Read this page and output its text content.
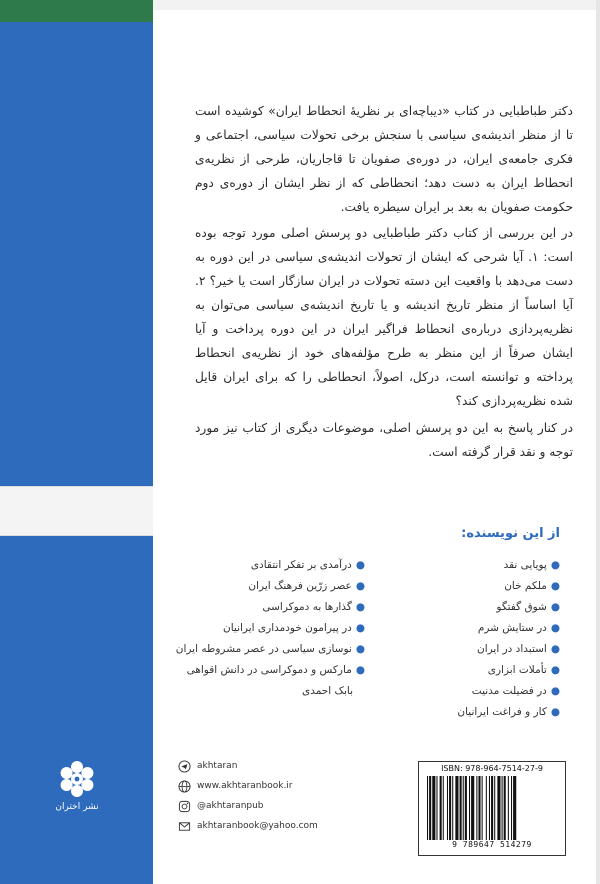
دکتر طباطبایی در کتاب «دیباچه‌ای بر نظریهٔ انحطاط ایران» کوشیده است تا از منظر اندیشه‌ی سیاسی با سنجش برخی تحولات سیاسی، اجتماعی و فکری جامعه‌ی ایران، در دوره‌ی صفویان تا قاجاریان، طرحی از نظریه‌ی انحطاط ایران به دست دهد؛ انحطاطی که از نظر ایشان از دوره‌ی دوم حکومت صفویان به بعد بر ایران سیطره یافت.

در این بررسی از کتاب دکتر طباطبایی دو پرسش اصلی مورد توجه بوده است: ۱. آیا شرحی که ایشان از تحولات اندیشه‌ی سیاسی در این دوره به دست می‌دهد با واقعیت این دسته تحولات در ایران سازگار است یا خیر؟ ۲. آیا اساساً از منظر تاریخ اندیشه و یا تاریخ اندیشه‌ی سیاسی می‌توان به نظریه‌پردازی درباره‌ی انحطاط فراگیر ایران در این دوره پرداخت و آیا ایشان صرفاً از این منظر به طرح مؤلفه‌های خود از نظریه‌ی انحطاط پرداخته و توانسته است، درکل، اصولاً، انحطاطی را که برای ایران قایل شده نظریه‌پردازی کند؟

در کنار پاسخ به این دو پرسش اصلی، موضوعات دیگری از کتاب نیز مورد توجه و نقد قرار گرفته است.

از این نویسنده:
●پویایی نقد
●ملکم خان
●شوق گفتگو
●در ستایش شرم
●استبداد در ایران
●تأملات ابزاری
●در فضیلت مدنیت
●کار و فراغت ایرانیان
●درآمدی بر تفکر انتقادی
●عصر زرّین فرهنگ ایران
●گذارها به دموکراسی
●در پیرامون خودمداری ایرانیان
●نوسازی سیاسی در عصر مشروطه ایران
●مارکس و دموکراسی در دانش اقواهی
بابک احمدی
نشر اختران
akhtaran
www.akhtaranbook.ir
@akhtaranpub
akhtaranbook@yahoo.com
ISBN: 978-964-7514-27-9
9 789647 514279
